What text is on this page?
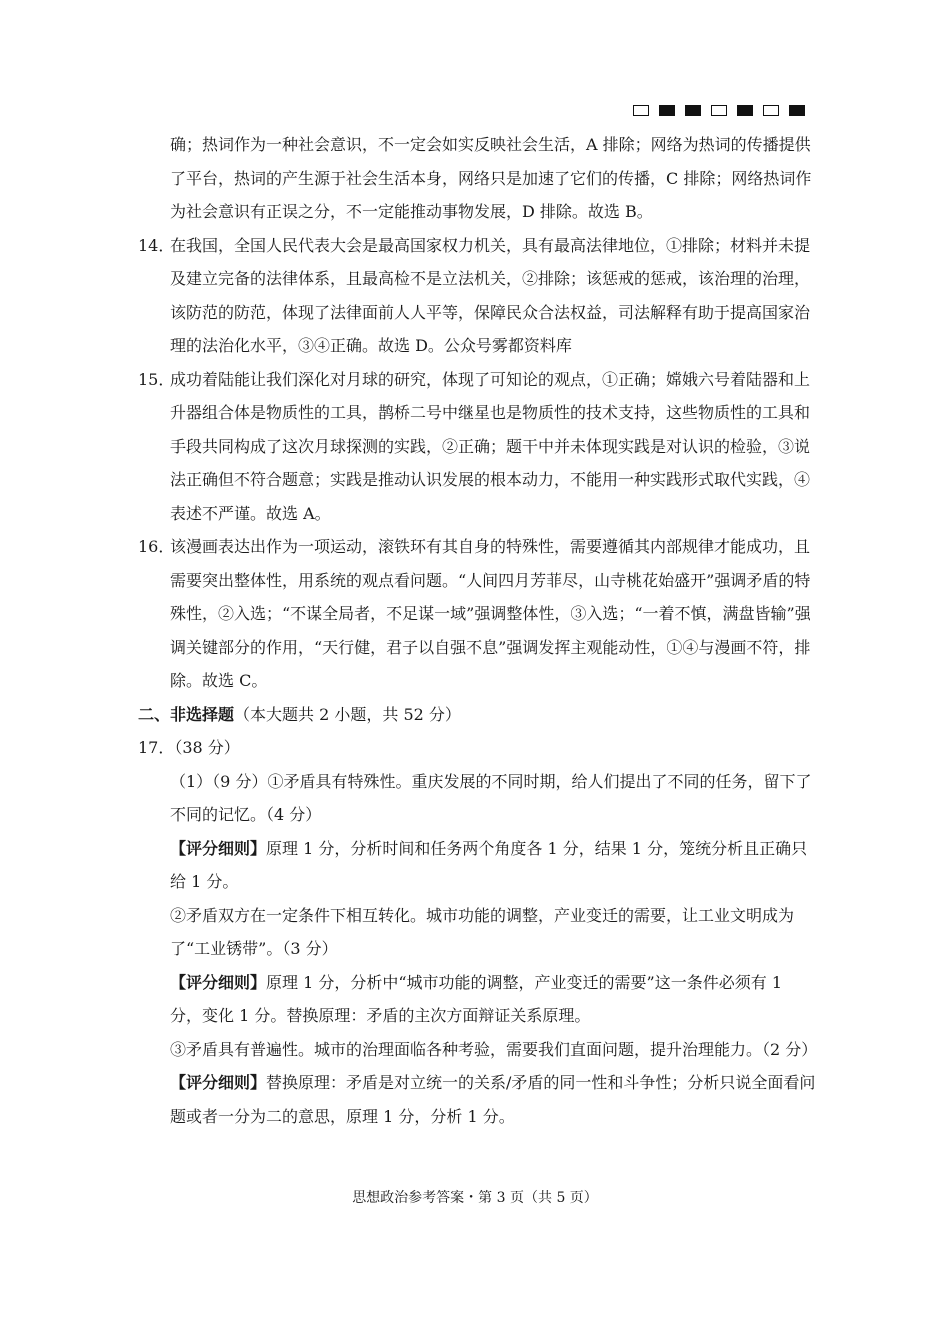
确；热词作为一种社会意识，不一定会如实反映社会生活，A 排除；网络为热词的传播提供了平台，热词的产生源于社会生活本身，网络只是加速了它们的传播，C 排除；网络热词作为社会意识有正误之分，不一定能推动事物发展，D 排除。故选 B。
14．
在我国，全国人民代表大会是最高国家权力机关，具有最高法律地位，①排除；材料并未提及建立完备的法律体系，且最高检不是立法机关，②排除；该惩戒的惩戒，该治理的治理，该防范的防范，体现了法律面前人人平等，保障民众合法权益，司法解释有助于提高国家治理的法治化水平，③④正确。故选 D。公众号雾都资料库
15．
成功着陆能让我们深化对月球的研究，体现了可知论的观点，①正确；嫦娥六号着陆器和上升器组合体是物质性的工具，鹊桥二号中继星也是物质性的技术支持，这些物质性的工具和手段共同构成了这次月球探测的实践，②正确；题干中并未体现实践是对认识的检验，③说法正确但不符合题意；实践是推动认识发展的根本动力，不能用一种实践形式取代实践，④表述不严谨。故选 A。
16．
该漫画表达出作为一项运动，滚铁环有其自身的特殊性，需要遵循其内部规律才能成功，且需要突出整体性，用系统的观点看问题。“人间四月芳菲尽，山寺桃花始盛开”强调矛盾的特殊性，②入选；“不谋全局者，不足谋一域”强调整体性，③入选；“一着不慎，满盘皆输”强调关键部分的作用，“天行健，君子以自强不息”强调发挥主观能动性，①④与漫画不符，排除。故选 C。
二、非选择题（本大题共 2 小题，共 52 分）
17．（38 分）
（1）（9 分）①矛盾具有特殊性。重庆发展的不同时期，给人们提出了不同的任务，留下了不同的记忆。（4 分）
【评分细则】原理 1 分，分析时间和任务两个角度各 1 分，结果 1 分，笼统分析且正确只给 1 分。
②矛盾双方在一定条件下相互转化。城市功能的调整，产业变迁的需要，让工业文明成为了“工业锈带”。（3 分）
【评分细则】原理 1 分，分析中“城市功能的调整，产业变迁的需要”这一条件必须有 1 分，变化 1 分。替换原理：矛盾的主次方面辩证关系原理。
③矛盾具有普遍性。城市的治理面临各种考验，需要我们直面问题，提升治理能力。（2 分）
【评分细则】替换原理：矛盾是对立统一的关系/矛盾的同一性和斗争性；分析只说全面看问题或者一分为二的意思，原理 1 分，分析 1 分。
思想政治参考答案・第 3 页（共 5 页）
